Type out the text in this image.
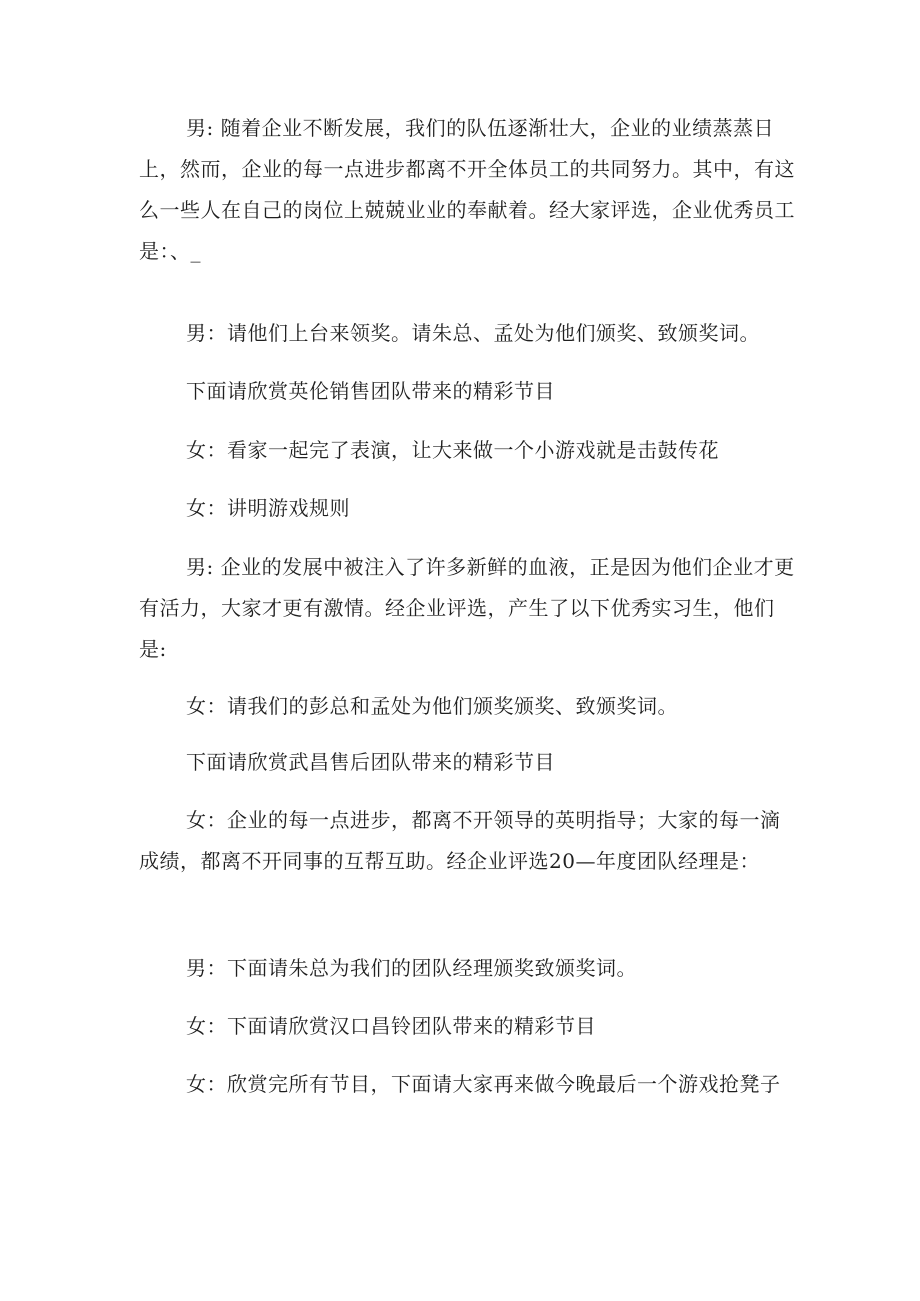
男: 随着企业不断发展，我们的队伍逐渐壮大，企业的业绩蒸蒸日上，然而，企业的每一点进步都离不开全体员工的共同努力。其中，有这么一些人在自己的岗位上兢兢业业的奉献着。经大家评选，企业优秀员工是：、_

男：请他们上台来领奖。请朱总、孟处为他们颁奖、致颁奖词。

下面请欣赏英伦销售团队带来的精彩节目

女：看家一起完了表演，让大来做一个小游戏就是击鼓传花

女：讲明游戏规则

男: 企业的发展中被注入了许多新鲜的血液，正是因为他们企业才更有活力，大家才更有激情。经企业评选，产生了以下优秀实习生，他们是:

女：请我们的彭总和孟处为他们颁奖颁奖、致颁奖词。

下面请欣赏武昌售后团队带来的精彩节目

女：企业的每一点进步，都离不开领导的英明指导；大家的每一滴成绩，都离不开同事的互帮互助。经企业评选20—年度团队经理是：

男：下面请朱总为我们的团队经理颁奖致颁奖词。

女：下面请欣赏汉口昌铃团队带来的精彩节目

女：欣赏完所有节目，下面请大家再来做今晚最后一个游戏抢凳子
